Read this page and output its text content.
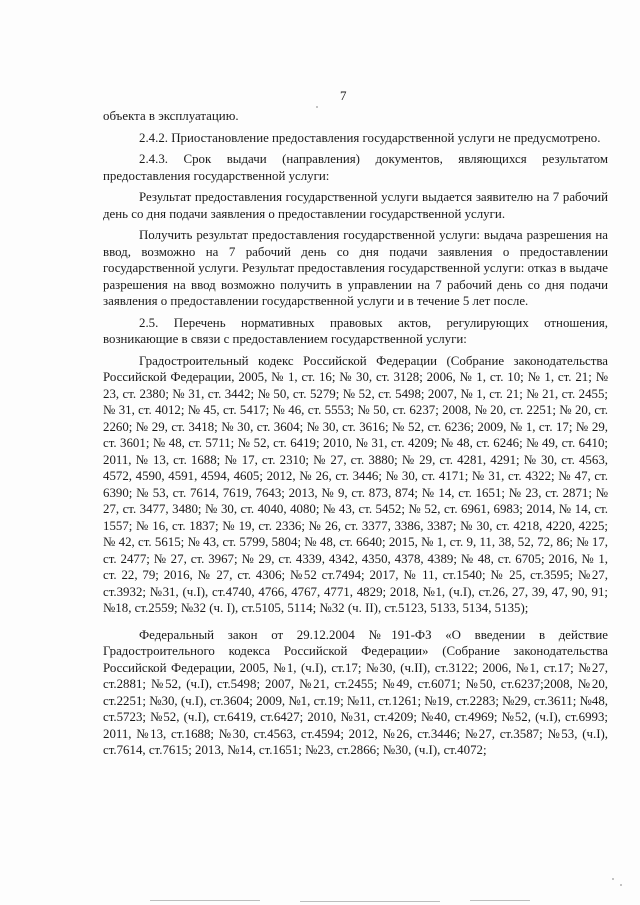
7

объекта в эксплуатацию.

2.4.2. Приостановление предоставления государственной услуги не предусмотрено.

2.4.3. Срок выдачи (направления) документов, являющихся результатом предоставления государственной услуги:

Результат предоставления государственной услуги выдается заявителю на 7 рабочий день со дня подачи заявления о предоставлении государственной услуги.

Получить результат предоставления государственной услуги: выдача разрешения на ввод, возможно на 7 рабочий день со дня подачи заявления о предоставлении государственной услуги. Результат предоставления государственной услуги: отказ в выдаче разрешения на ввод возможно получить в управлении на 7 рабочий день со дня подачи заявления о предоставлении государственной услуги и в течение 5 лет после.

2.5. Перечень нормативных правовых актов, регулирующих отношения, возникающие в связи с предоставлением государственной услуги:

Градостроительный кодекс Российской Федерации (Собрание законодательства Российской Федерации, 2005, № 1, ст. 16; № 30, ст. 3128; 2006, № 1, ст. 10; № 1, ст. 21; № 23, ст. 2380; № 31, ст. 3442; № 50, ст. 5279; № 52, ст. 5498; 2007, № 1, ст. 21; № 21, ст. 2455; № 31, ст. 4012; № 45, ст. 5417; № 46, ст. 5553; № 50, ст. 6237; 2008, № 20, ст. 2251; № 20, ст. 2260; № 29, ст. 3418; № 30, ст. 3604; № 30, ст. 3616; № 52, ст. 6236; 2009, № 1, ст. 17; № 29, ст. 3601; № 48, ст. 5711; № 52, ст. 6419; 2010, № 31, ст. 4209; № 48, ст. 6246; № 49, ст. 6410; 2011, № 13, ст. 1688; № 17, ст. 2310; № 27, ст. 3880; № 29, ст. 4281, 4291; № 30, ст. 4563, 4572, 4590, 4591, 4594, 4605; 2012, № 26, ст. 3446; № 30, ст. 4171; № 31, ст. 4322; № 47, ст. 6390; № 53, ст. 7614, 7619, 7643; 2013, № 9, ст. 873, 874; № 14, ст. 1651; № 23, ст. 2871; № 27, ст. 3477, 3480; № 30, ст. 4040, 4080; № 43, ст. 5452; № 52, ст. 6961, 6983; 2014, № 14, ст. 1557; № 16, ст. 1837; № 19, ст. 2336; № 26, ст. 3377, 3386, 3387; № 30, ст. 4218, 4220, 4225; № 42, ст. 5615; № 43, ст. 5799, 5804; № 48, ст. 6640; 2015, № 1, ст. 9, 11, 38, 52, 72, 86; № 17, ст. 2477; № 27, ст. 3967; № 29, ст. 4339, 4342, 4350, 4378, 4389; № 48, ст. 6705; 2016, № 1, ст. 22, 79; 2016, № 27, ст. 4306; №52 ст.7494; 2017, № 11, ст.1540; № 25, ст.3595; №27, ст.3932; №31, (ч.I), ст.4740, 4766, 4767, 4771, 4829; 2018, №1, (ч.I), ст.26, 27, 39, 47, 90, 91; №18, ст.2559; №32 (ч. I), ст.5105, 5114; №32 (ч. II), ст.5123, 5133, 5134, 5135);

Федеральный закон от 29.12.2004 №191-ФЗ «О введении в действие Градостроительного кодекса Российской Федерации» (Собрание законодательства Российской Федерации, 2005, №1, (ч.I), ст.17; №30, (ч.II), ст.3122; 2006, №1, ст.17; №27, ст.2881; №52, (ч.I), ст.5498; 2007, №21, ст.2455; №49, ст.6071; №50, ст.6237;2008, №20, ст.2251; №30, (ч.I), ст.3604; 2009, №1, ст.19; №11, ст.1261; №19, ст.2283; №29, ст.3611; №48, ст.5723; №52, (ч.I), ст.6419, ст.6427; 2010, №31, ст.4209; №40, ст.4969; №52, (ч.I), ст.6993; 2011, №13, ст.1688; №30, ст.4563, ст.4594; 2012, №26, ст.3446; №27, ст.3587; №53, (ч.I), ст.7614, ст.7615; 2013, №14, ст.1651; №23, ст.2866; №30, (ч.I), ст.4072;
